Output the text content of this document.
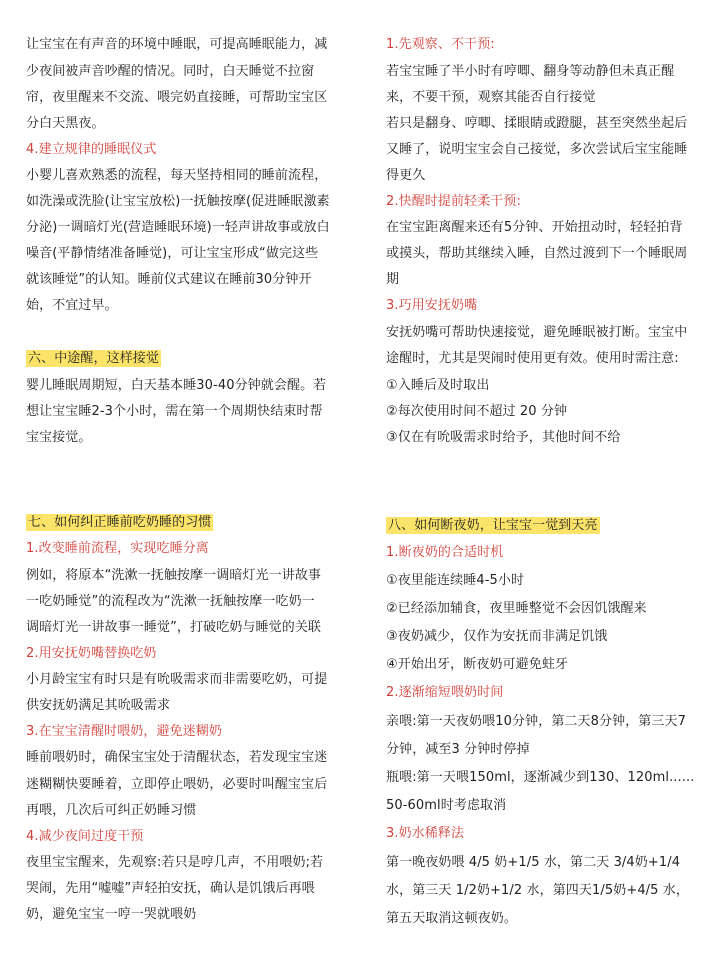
让宝宝在有声音的环境中睡眠，可提高睡眠能力，减
少夜间被声音吵醒的情况。同时，白天睡觉不拉窗
帘，夜里醒来不交流、喂完奶直接睡，可帮助宝宝区
分白天黑夜。
4.建立规律的睡眠仪式
小婴儿喜欢熟悉的流程，每天坚持相同的睡前流程，
如洗澡或洗脸(让宝宝放松)一抚触按摩(促进睡眠激素
分泌)一调暗灯光(营造睡眠环境)一轻声讲故事或放白
噪音(平静情绪准备睡觉)，可让宝宝形成“做完这些
就该睡觉”的认知。睡前仪式建议在睡前30分钟开
始，不宜过早。
六、中途醒，这样接觉
婴儿睡眠周期短，白天基本睡30-40分钟就会醒。若
想让宝宝睡2-3个小时，需在第一个周期快结束时帮
宝宝接觉。
七、如何纠正睡前吃奶睡的习惯
1.改变睡前流程，实现吃睡分离
例如，将原本“洗漱一抚触按摩一调暗灯光一讲故事
一吃奶睡觉”的流程改为“洗漱一抚触按摩一吃奶一
调暗灯光一讲故事一睡觉”，打破吃奶与睡觉的关联
2.用安抚奶嘴替换吃奶
小月龄宝宝有时只是有吮吸需求而非需要吃奶，可提
供安抚奶满足其吮吸需求
3.在宝宝清醒时喂奶，避免迷糊奶
睡前喂奶时，确保宝宝处于清醒状态，若发现宝宝迷
迷糊糊快要睡着，立即停止喂奶，必要时叫醒宝宝后
再喂，几次后可纠正奶睡习惯
4.减少夜间过度干预
夜里宝宝醒来，先观察:若只是哼几声，不用喂奶;若
哭闹，先用“嘘嘘”声轻拍安抚，确认是饥饿后再喂
奶，避免宝宝一哼一哭就喂奶
1.先观察、不干预:
若宝宝睡了半小时有哼唧、翻身等动静但未真正醒
来，不要干预，观察其能否自行接觉
若只是翻身、哼唧、揉眼睛或蹬腿，甚至突然坐起后
又睡了，说明宝宝会自己接觉，多次尝试后宝宝能睡
得更久
2.快醒时提前轻柔干预:
在宝宝距离醒来还有5分钟、开始扭动时，轻轻拍背
或摸头，帮助其继续入睡，自然过渡到下一个睡眠周
期
3.巧用安抚奶嘴
安抚奶嘴可帮助快速接觉，避免睡眠被打断。宝宝中
途醒时，尤其是哭闹时使用更有效。使用时需注意:
①入睡后及时取出
②每次使用时间不超过 20 分钟
③仅在有吮吸需求时给予，其他时间不给
八、如何断夜奶，让宝宝一觉到天亮
1.断夜奶的合适时机
①夜里能连续睡4-5小时
②已经添加辅食，夜里睡整觉不会因饥饿醒来
③夜奶减少，仅作为安抚而非满足饥饿
④开始出牙，断夜奶可避免蛀牙
2.逐渐缩短喂奶时间
亲喂:第一天夜奶喂10分钟，第二天8分钟，第三天7
分钟，减至3 分钟时停掉
瓶喂:第一天喂150ml，逐渐减少到130、120ml......
50-60ml时考虑取消
3.奶水稀释法
第一晚夜奶喂 4/5 奶+1/5 水，第二天 3/4奶+1/4
水，第三天 1/2奶+1/2 水，第四天1/5奶+4/5 水，
第五天取消这顿夜奶。
